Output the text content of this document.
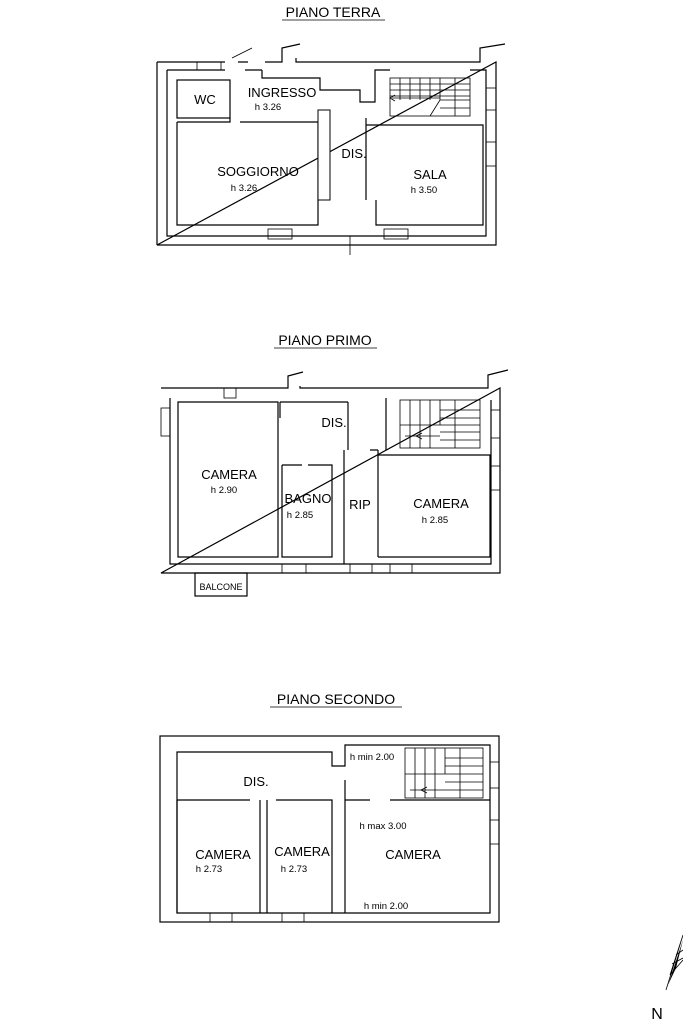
PIANO TERRA
WC INGRESSO
h 3.26
SOGGIORNO
h 3.26
DIS.
SALA
h 3.50
PIANO PRIMO
DIS.
CAMERA
h 2.90
BAGNO
h 2.85
RIP	CAMERA
h 2.85
BALCONE
PIANO SECONDO
h min 2.00
DIS.
h max 3.00
CAMERA
h 2.73
CAMERA
h 2.73
CAMERA
h min 2.00
N
